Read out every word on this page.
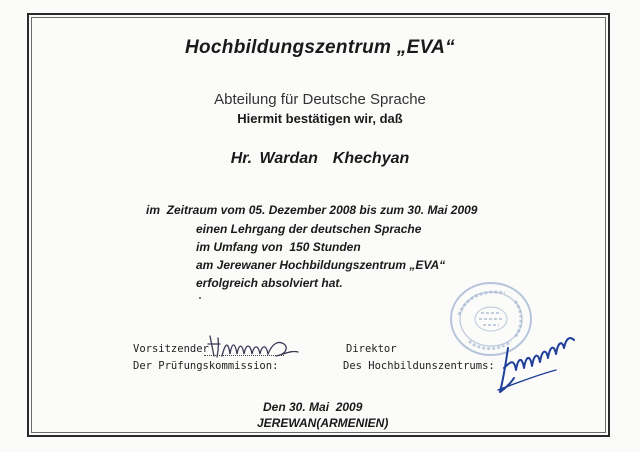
Hochbildungszentrum „EVA“
Abteilung für Deutsche Sprache
Hiermit bestätigen wir, daß
Hr. Wardan  Khechyan
im  Zeitraum vom 05. Dezember 2008 bis zum 30. Mai 2009
einen Lehrgang der deutschen Sprache
im Umfang von  150 Stunden
am Jerewaner Hochbildungszentrum „EVA“
erfolgreich absolviert hat.
Vorsitzender
Der Prüfungskommission:
Direktor
Des Hochbildunszentrums:
Den 30. Mai  2009
JEREWAN(ARMENIEN)
